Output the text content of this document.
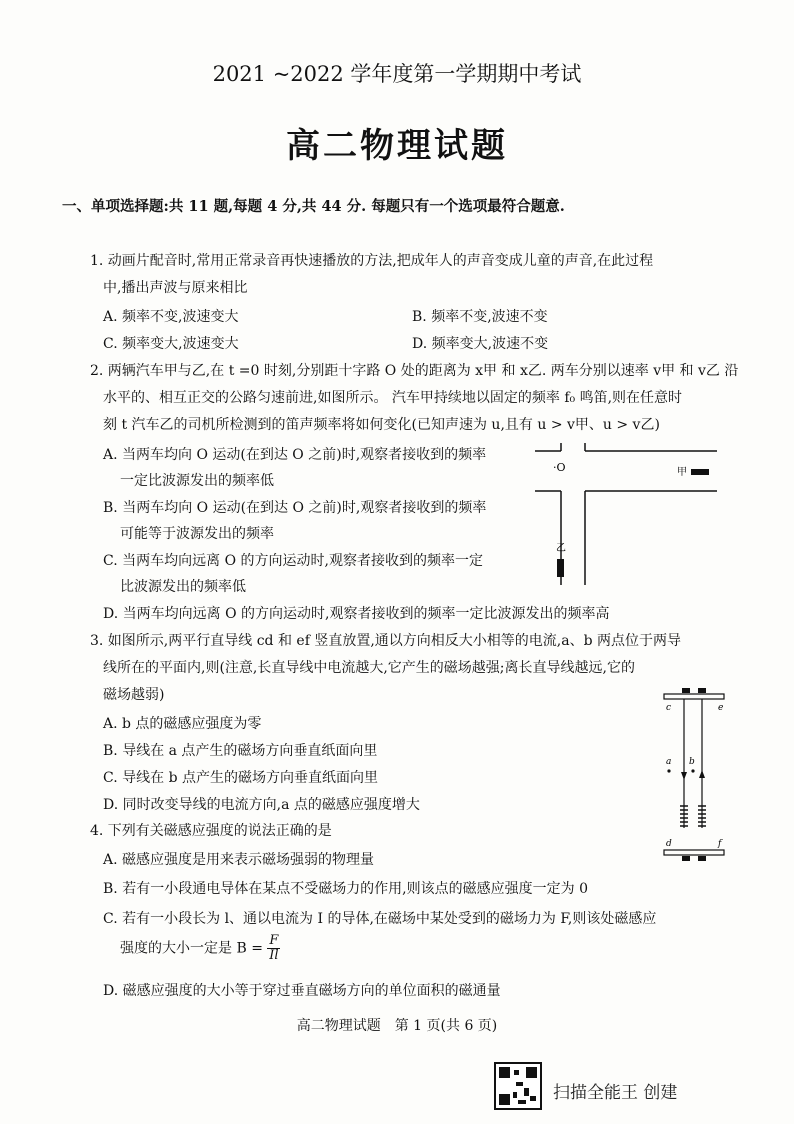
2021 ~2022 学年度第一学期期中考试
高二物理试题
一、单项选择题:共 11 题,每题 4 分,共 44 分. 每题只有一个选项最符合题意.
1. 动画片配音时,常用正常录音再快速播放的方法,把成年人的声音变成儿童的声音,在此过程
中,播出声波与原来相比
A. 频率不变,波速变大	B. 频率不变,波速不变
C. 频率变大,波速变大	D. 频率变大,波速不变
2. 两辆汽车甲与乙,在 t =0 时刻,分别距十字路 O 处的距离为 x甲 和 x乙. 两车分别以速率 v甲 和 v乙 沿
水平的、相互正交的公路匀速前进,如图所示。 汽车甲持续地以固定的频率 f₀ 鸣笛,则在任意时
刻 t 汽车乙的司机所检测到的笛声频率将如何变化(已知声速为 u,且有 u > v甲、u > v乙)
A. 当两车均向 O 运动(在到达 O 之前)时,观察者接收到的频率
一定比波源发出的频率低
B. 当两车均向 O 运动(在到达 O 之前)时,观察者接收到的频率
可能等于波源发出的频率
C. 当两车均向远离 O 的方向运动时,观察者接收到的频率一定
比波源发出的频率低
D. 当两车均向远离 O 的方向运动时,观察者接收到的频率一定比波源发出的频率高
·O	甲
乙
3. 如图所示,两平行直导线 cd 和 ef 竖直放置,通以方向相反大小相等的电流,a、b 两点位于两导
线所在的平面内,则(注意,长直导线中电流越大,它产生的磁场越强;离长直导线越远,它的
磁场越弱)
A. b 点的磁感应强度为零
B. 导线在 a 点产生的磁场方向垂直纸面向里
C. 导线在 b 点产生的磁场方向垂直纸面向里
D. 同时改变导线的电流方向,a 点的磁感应强度增大
c	e
a b
d	f
4. 下列有关磁感应强度的说法正确的是
A. 磁感应强度是用来表示磁场强弱的物理量
B. 若有一小段通电导体在某点不受磁场力的作用,则该点的磁感应强度一定为 0
C. 若有一小段长为 l、通以电流为 I 的导体,在磁场中某处受到的磁场力为 F,则该处磁感应
强度的大小一定是 $B = \frac{F}{Il}$
D. 磁感应强度的大小等于穿过垂直磁场方向的单位面积的磁通量
高二物理试题　第 1 页(共 6 页)
扫描全能王 创建
